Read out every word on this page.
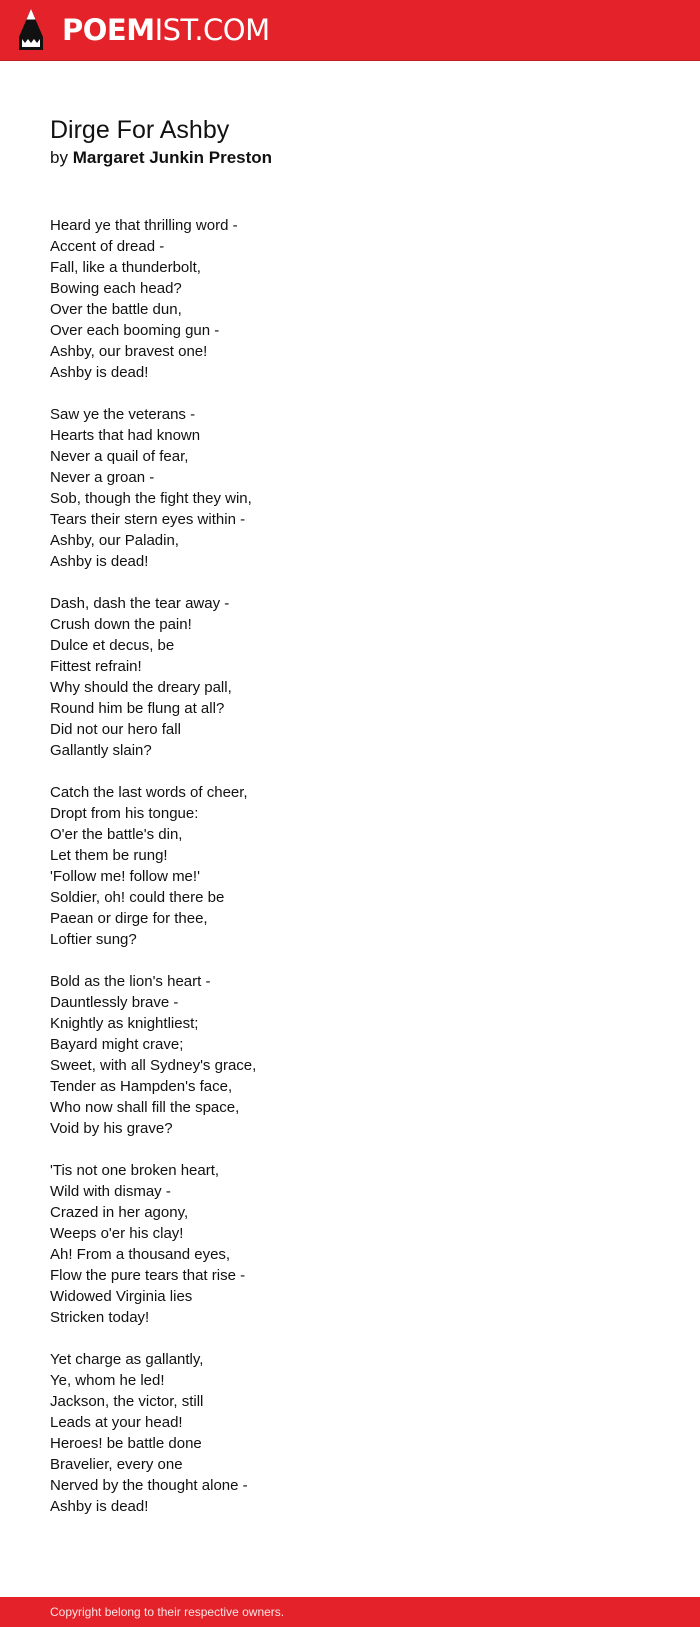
POEMIST.COM
Dirge For Ashby
by Margaret Junkin Preston
Heard ye that thrilling word -
Accent of dread -
Fall, like a thunderbolt,
Bowing each head?
Over the battle dun,
Over each booming gun -
Ashby, our bravest one!
Ashby is dead!
Saw ye the veterans -
Hearts that had known
Never a quail of fear,
Never a groan -
Sob, though the fight they win,
Tears their stern eyes within -
Ashby, our Paladin,
Ashby is dead!
Dash, dash the tear away -
Crush down the pain!
Dulce et decus, be
Fittest refrain!
Why should the dreary pall,
Round him be flung at all?
Did not our hero fall
Gallantly slain?
Catch the last words of cheer,
Dropt from his tongue:
O'er the battle's din,
Let them be rung!
'Follow me! follow me!'
Soldier, oh! could there be
Paean or dirge for thee,
Loftier sung?
Bold as the lion's heart -
Dauntlessly brave -
Knightly as knightliest;
Bayard might crave;
Sweet, with all Sydney's grace,
Tender as Hampden's face,
Who now shall fill the space,
Void by his grave?
'Tis not one broken heart,
Wild with dismay -
Crazed in her agony,
Weeps o'er his clay!
Ah! From a thousand eyes,
Flow the pure tears that rise -
Widowed Virginia lies
Stricken today!
Yet charge as gallantly,
Ye, whom he led!
Jackson, the victor, still
Leads at your head!
Heroes! be battle done
Bravelier, every one
Nerved by the thought alone -
Ashby is dead!
Copyright belong to their respective owners.
